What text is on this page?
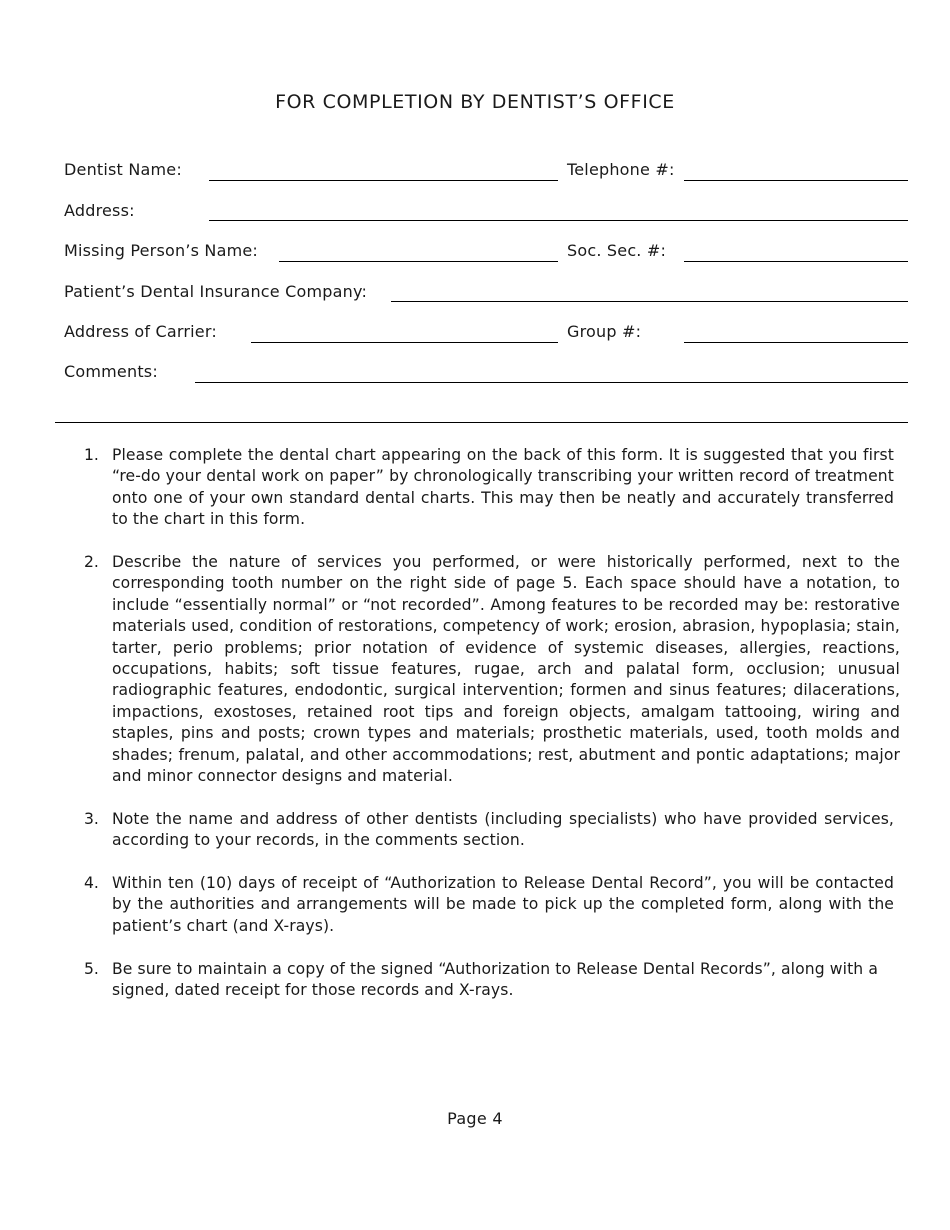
FOR COMPLETION BY DENTIST’S OFFICE
Dentist Name:	Telephone #:
Address:
Missing Person’s Name:	Soc. Sec. #:
Patient’s Dental Insurance Company:
Address of Carrier:	Group #:
Comments:
1. Please complete the dental chart appearing on the back of this form. It is suggested that you first “re-do your dental work on paper” by chronologically transcribing your written record of treatment onto one of your own standard dental charts. This may then be neatly and accurately transferred to the chart in this form.
2. Describe the nature of services you performed, or were historically performed, next to the corresponding tooth number on the right side of page 5. Each space should have a notation, to include “essentially normal” or “not recorded”. Among features to be recorded may be: restorative materials used, condition of restorations, competency of work; erosion, abrasion, hypoplasia; stain, tarter, perio problems; prior notation of evidence of systemic diseases, allergies, reactions, occupations, habits; soft tissue features, rugae, arch and palatal form, occlusion; unusual radiographic features, endodontic, surgical intervention; formen and sinus features; dilacerations, impactions, exostoses, retained root tips and foreign objects, amalgam tattooing, wiring and staples, pins and posts; crown types and materials; prosthetic materials, used, tooth molds and shades; frenum, palatal, and other accommodations; rest, abutment and pontic adaptations; major and minor connector designs and material.
3. Note the name and address of other dentists (including specialists) who have provided services, according to your records, in the comments section.
4. Within ten (10) days of receipt of “Authorization to Release Dental Record”, you will be contacted by the authorities and arrangements will be made to pick up the completed form, along with the patient’s chart (and X-rays).
5. Be sure to maintain a copy of the signed “Authorization to Release Dental Records”, along with a signed, dated receipt for those records and X-rays.
Page 4
